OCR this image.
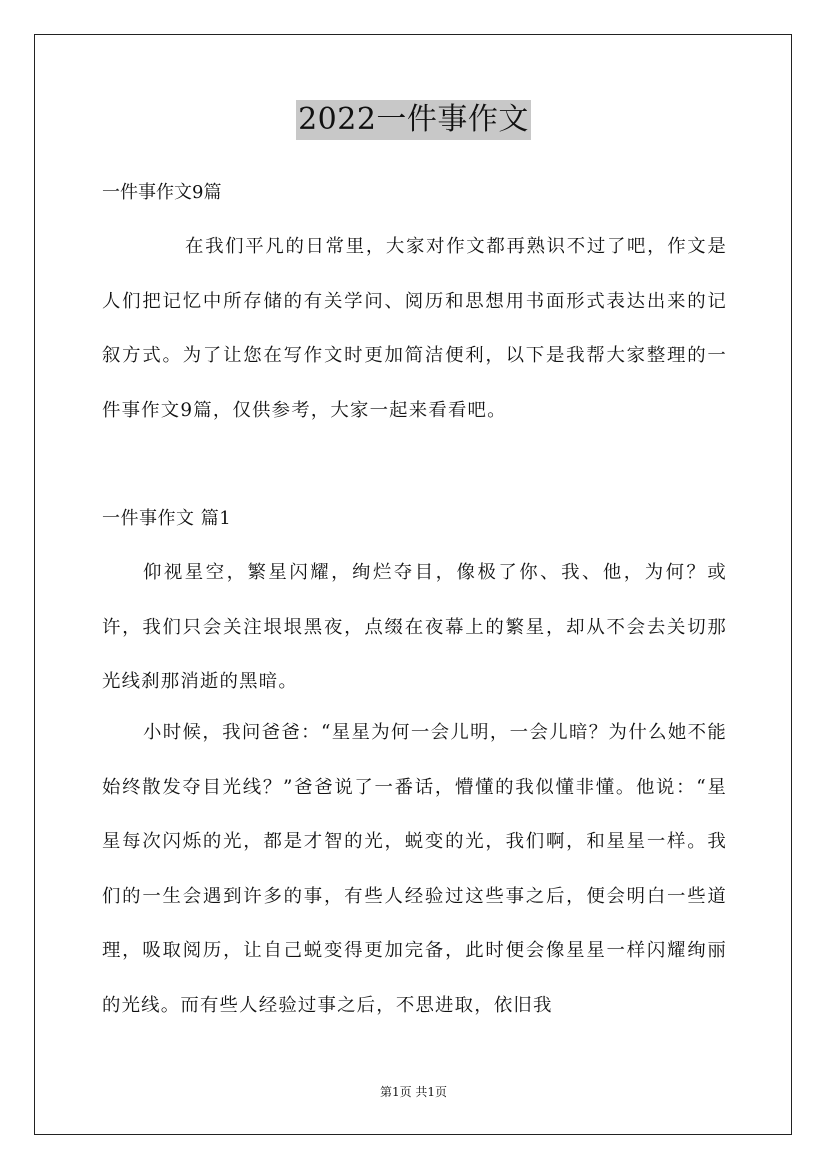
2022一件事作文
一件事作文9篇

在我们平凡的日常里，大家对作文都再熟识不过了吧，作文是人们把记忆中所存储的有关学问、阅历和思想用书面形式表达出来的记叙方式。为了让您在写作文时更加简洁便利，以下是我帮大家整理的一件事作文9篇，仅供参考，大家一起来看看吧。

一件事作文 篇1

仰视星空，繁星闪耀，绚烂夺目，像极了你、我、他，为何？或许，我们只会关注垠垠黑夜，点缀在夜幕上的繁星，却从不会去关切那光线刹那消逝的黑暗。

小时候，我问爸爸：“星星为何一会儿明，一会儿暗？为什么她不能始终散发夺目光线？”爸爸说了一番话，懵懂的我似懂非懂。他说：“星星每次闪烁的光，都是才智的光，蜕变的光，我们啊，和星星一样。我们的一生会遇到许多的事，有些人经验过这些事之后，便会明白一些道理，吸取阅历，让自己蜕变得更加完备，此时便会像星星一样闪耀绚丽的光线。而有些人经验过事之后，不思进取，依旧我

第1页 共1页
